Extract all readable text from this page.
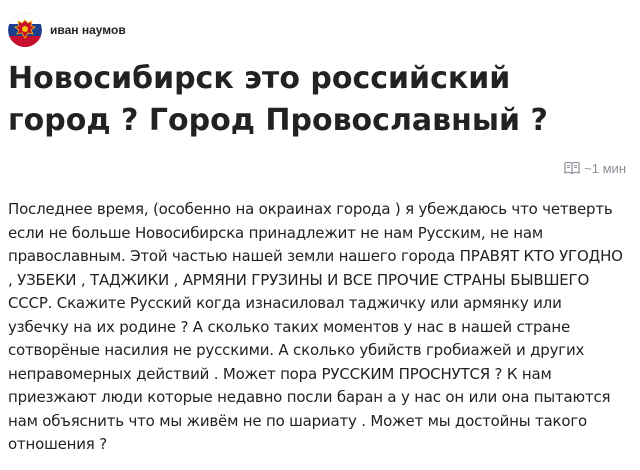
иван наумов
Новосибирск это российский город ? Город Провославный ?
~1 мин

Последнее время, (особенно на окраинах города ) я убеждаюсь что четверть если не больше Новосибирска принадлежит не нам Русским, не нам православным. Этой частью нашей земли нашего города ПРАВЯТ КТО УГОДНО , УЗБЕКИ , ТАДЖИКИ , АРМЯНИ ГРУЗИНЫ И ВСЕ ПРОЧИЕ СТРАНЫ БЫВШЕГО СССР. Скажите Русский когда изнасиловал таджичку или армянку или узбечку на их родине ? А сколько таких моментов у нас в нашей стране сотворёные насилия не русскими. А сколько убийств гробиажей и других неправомерных действий . Может пора РУССКИМ ПРОСНУТСЯ ? К нам приезжают люди которые недавно посли баран а у нас он или она пытаются нам объяснить что мы живём не по шариату . Может мы достойны такого отношения ?
